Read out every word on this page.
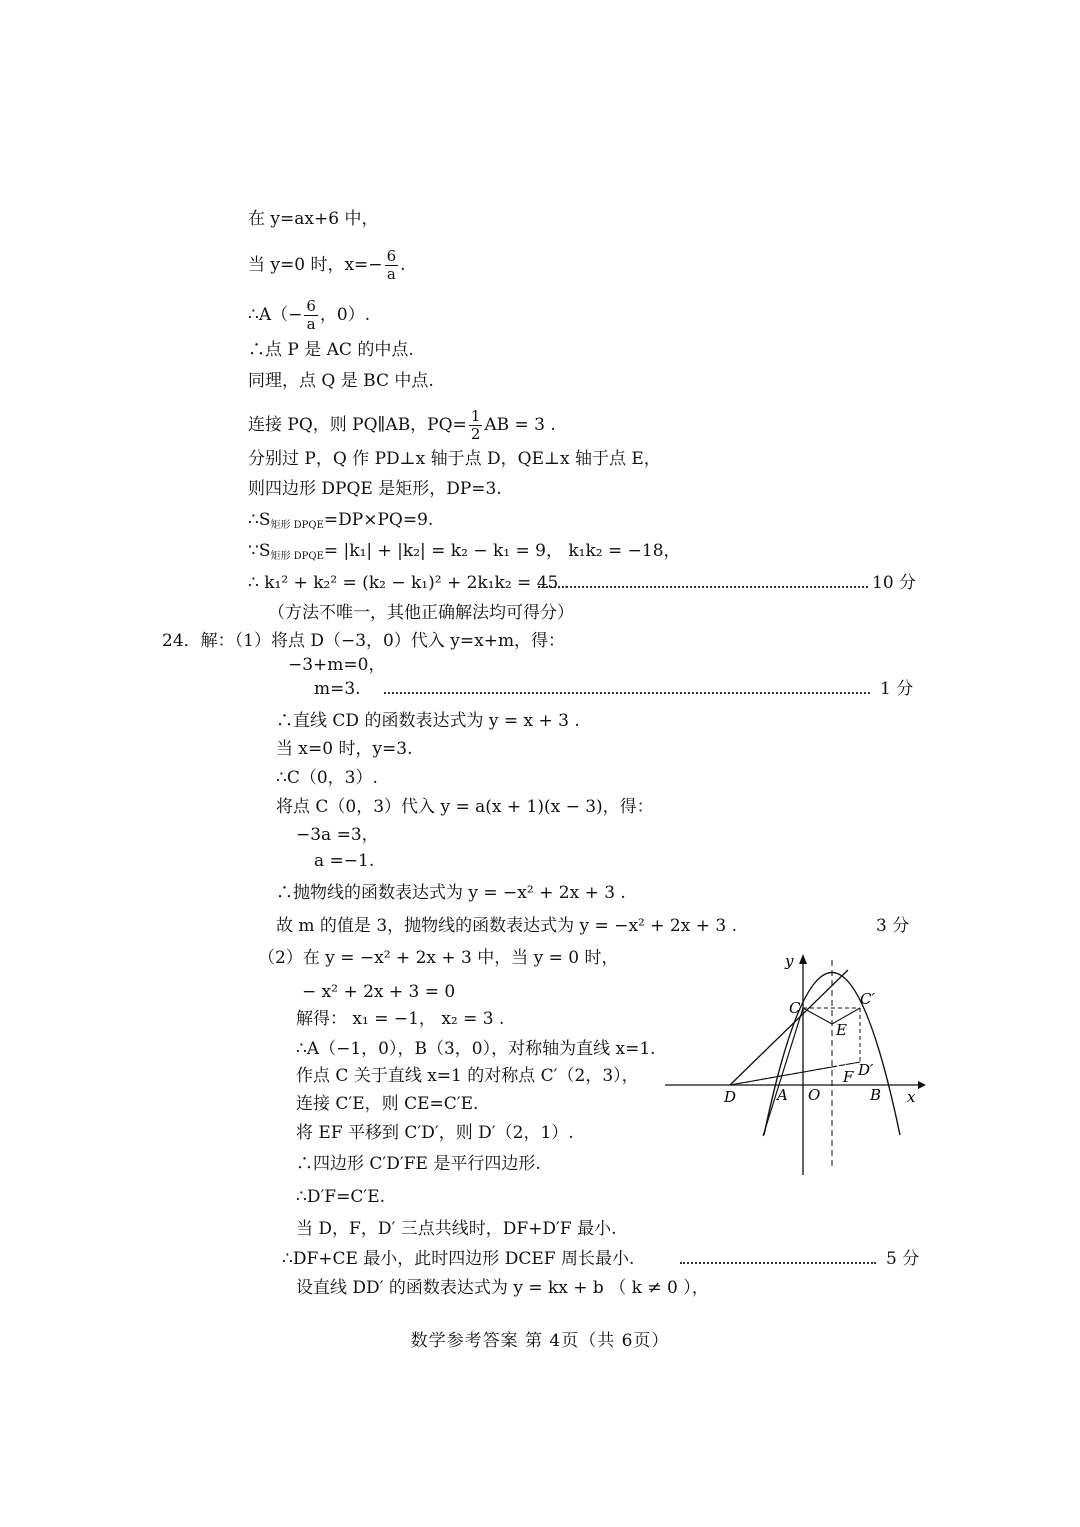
在 y=ax+6 中，
当 y=0 时，$x=- \frac{6}{a}$ .
∴A（− $\frac{6}{a}$ ，0）.
∴点 P 是 AC 的中点.
同理，点 Q 是 BC 中点.
连接 PQ，则 PQ∥AB，$PQ= \frac{1}{2}$ AB = 3 .
分别过 P，Q 作 PD⊥x 轴于点 D，QE⊥x 轴于点 E，
则四边形 DPQE 是矩形，DP=3.
$\therefore S_{矩形 DPQE}=DP\times PQ=9$.
$\because S_{矩形 DPQE}= |k_1| + |k_2| = k_2 - k_1 = 9$， k₁k₂ = −18，
∴ k₁² + k₂² = (k₂ − k₁)² + 2k₁k₂ = 45 .	10 分
（方法不唯一，其他正确解法均可得分）
24．解：（1）将点 D（−3，0）代入 y=x+m，得：
−3+m=0，
m=3.	1 分
∴直线 CD 的函数表达式为 y = x + 3 .
当 x=0 时，y=3.
∴C（0，3）.
将点 C（0，3）代入 y = a(x + 1)(x − 3)，得：
−3a =3，
a =−1.
∴抛物线的函数表达式为 y = −x² + 2x + 3 .
故 m 的值是 3，抛物线的函数表达式为 y = −x² + 2x + 3 .	3 分
（2）在 y = −x² + 2x + 3 中，当 y = 0 时，
− x² + 2x + 3 = 0
解得： x₁ = −1， x₂ = 3 .
∴A（−1，0），B（3，0），对称轴为直线 x=1.
作点 C 关于直线 x=1 的对称点 C′（2，3），
连接 C′E，则 CE=C′E.
将 EF 平移到 C′D′，则 D′（2，1）.
∴四边形 C′D′FE 是平行四边形.
∴D′F=C′E.
当 D，F，D′ 三点共线时，DF+D′F 最小.
∴DF+CE 最小，此时四边形 DCEF 周长最小.	5 分
设直线 DD′ 的函数表达式为 y = kx + b （ k ≠ 0 ），
y
x
C	C′
E
D′
F
D	A O	B
数学参考答案 第 4页（共 6页）
